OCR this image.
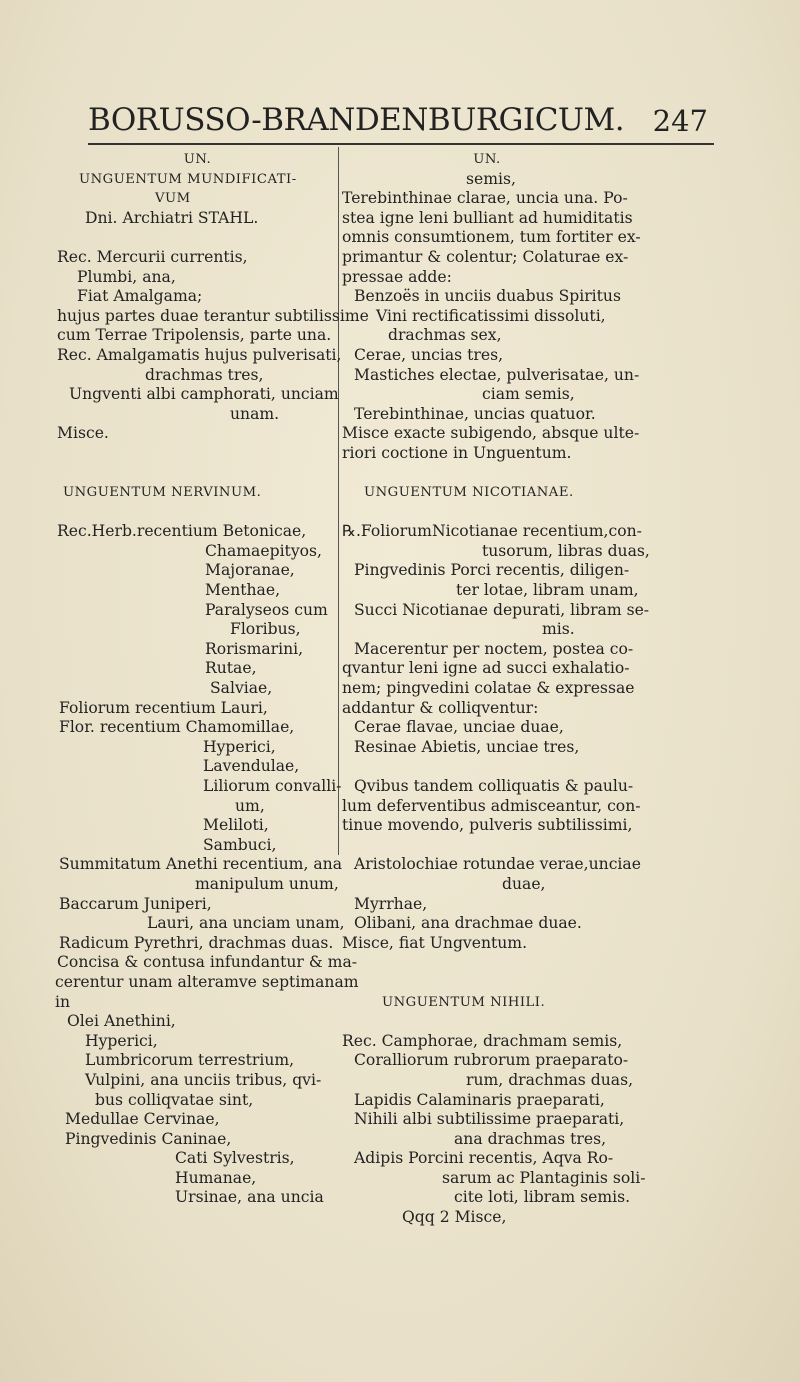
BORUSSO-BRANDENBURGICUM. 247
UN.
UNGUENTUM MUNDIFICATI-
VUM
Dni. Archiatri STAHL.
Rec. Mercurii currentis,
Plumbi, ana,
Fiat Amalgama;
hujus partes duae terantur subtilissime
cum Terrae Tripolensis, parte una.
Rec. Amalgamatis hujus pulverisati,
drachmas tres,
Ungventi albi camphorati, unciam
unam.
Misce.
UNGUENTUM NERVINUM.
Rec.Herb.recentium Betonicae,
Chamaepityos,
Majoranae,
Menthae,
Paralyseos cum
Floribus,
Rorismarini,
Rutae,
Salviae,
Foliorum recentium Lauri,
Flor. recentium Chamomillae,
Hyperici,
Lavendulae,
Liliorum convalli-
um,
Meliloti,
Sambuci,
Summitatum Anethi recentium, ana
manipulum unum,
Baccarum Juniperi,
Lauri, ana unciam unam,
Radicum Pyrethri, drachmas duas.
Concisa & contusa infundantur & ma-
cerentur unam alteramve septimanam
in
Olei Anethini,
Hyperici,
Lumbricorum terrestrium,
Vulpini, ana unciis tribus, qvi-
bus colliqvatae sint,
Medullae Cervinae,
Pingvedinis Caninae,
Cati Sylvestris,
Humanae,
Ursinae, ana uncia
UN.
semis,
Terebinthinae clarae, uncia una. Po-
stea igne leni bulliant ad humiditatis
omnis consumtionem, tum fortiter ex-
primantur & colentur; Colaturae ex-
pressae adde:
Benzoës in unciis duabus Spiritus
Vini rectificatissimi dissoluti,
drachmas sex,
Cerae, uncias tres,
Mastiches electae, pulverisatae, un-
ciam semis,
Terebinthinae, uncias quatuor.
Misce exacte subigendo, absque ulte-
riori coctione in Unguentum.
UNGUENTUM NICOTIANAE.
℞.FoliorumNicotianae recentium,con-
tusorum, libras duas,
Pingvedinis Porci recentis, diligen-
ter lotae, libram unam,
Succi Nicotianae depurati, libram se-
mis.
Macerentur per noctem, postea co-
qvantur leni igne ad succi exhalatio-
nem; pingvedini colatae & expressae
addantur & colliqventur:
Cerae flavae, unciae duae,
Resinae Abietis, unciae tres,
Qvibus tandem colliquatis & paulu-
lum deferventibus admisceantur, con-
tinue movendo, pulveris subtilissimi,
Aristolochiae rotundae verae,unciae
duae,
Myrrhae,
Olibani, ana drachmae duae.
Misce, fiat Ungventum.
UNGUENTUM NIHILI.
Rec. Camphorae, drachmam semis,
Coralliorum rubrorum praeparato-
rum, drachmas duas,
Lapidis Calaminaris praeparati,
Nihili albi subtilissime praeparati,
ana drachmas tres,
Adipis Porcini recentis, Aqva Ro-
sarum ac Plantaginis soli-
cite loti, libram semis.
Qqq 2 Misce,
